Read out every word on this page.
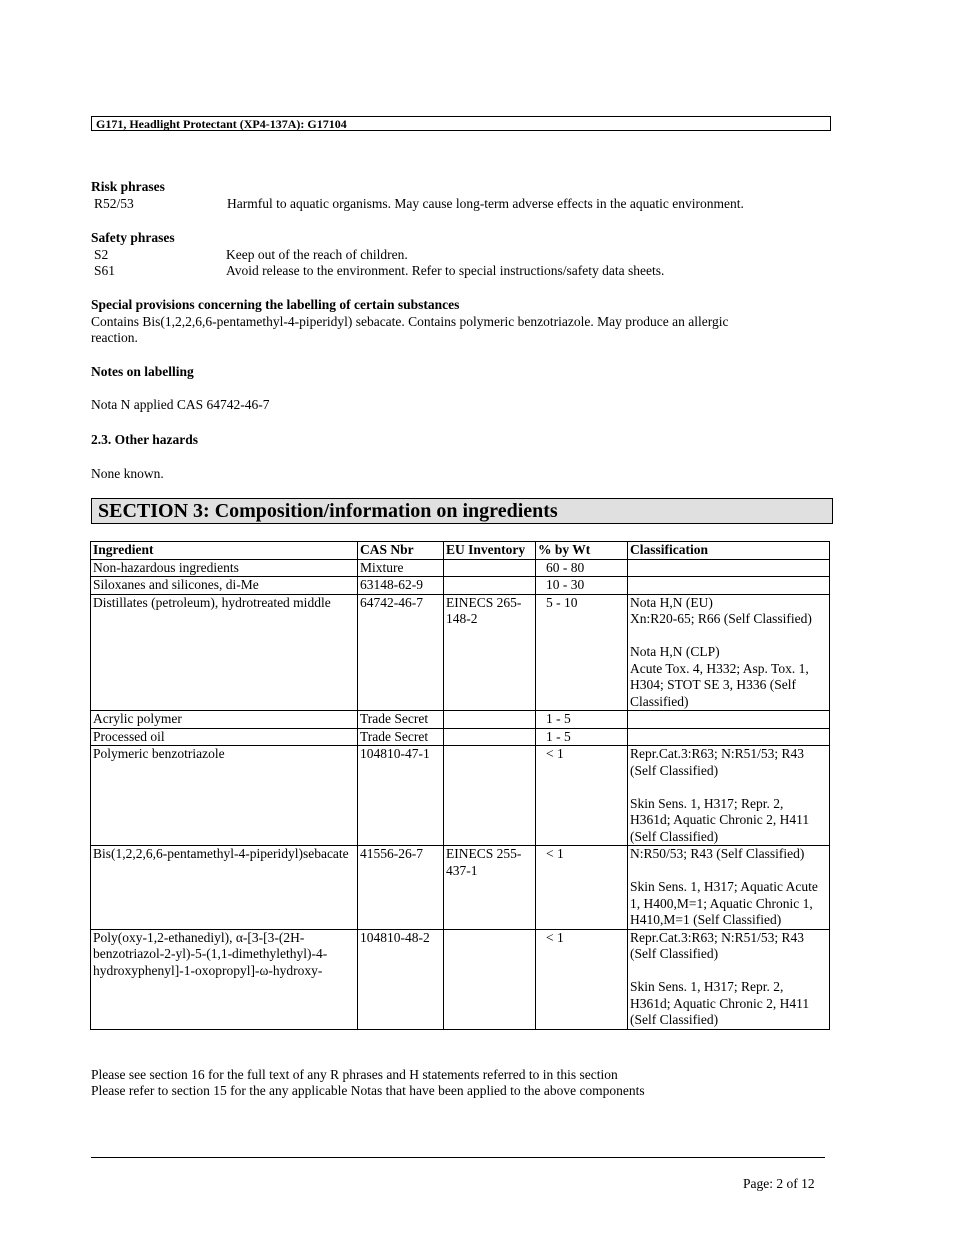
G171, Headlight Protectant (XP4-137A): G17104
Risk phrases
R52/53	Harmful to aquatic organisms. May cause long-term adverse effects in the aquatic environment.
Safety phrases
S2	Keep out of the reach of children.
S61	Avoid release to the environment. Refer to special instructions/safety data sheets.
Special provisions concerning the labelling of certain substances
Contains Bis(1,2,2,6,6-pentamethyl-4-piperidyl) sebacate. Contains polymeric benzotriazole. May produce an allergic
reaction.
Notes on labelling
Nota N applied CAS 64742-46-7
2.3. Other hazards
None known.
SECTION 3: Composition/information on ingredients
Ingredient	CAS Nbr	EU Inventory	% by Wt	Classification
Non-hazardous ingredients	Mixture		60 - 80	
Siloxanes and silicones, di-Me	63148-62-9		10 - 30	
Distillates (petroleum), hydrotreated middle	64742-46-7	EINECS 265-148-2	5 - 10	Nota H,N (EU)
Xn:R20-65; R66 (Self Classified)
Nota H,N (CLP)
Acute Tox. 4, H332; Asp. Tox. 1, H304; STOT SE 3, H336 (Self Classified)

Acrylic polymer	Trade Secret		1 - 5	
Processed oil	Trade Secret		1 - 5	
Polymeric benzotriazole	104810-47-1		< 1	Repr.Cat.3:R63; N:R51/53; R43 (Self Classified)
Skin Sens. 1, H317; Repr. 2, H361d; Aquatic Chronic 2, H411 (Self Classified)

Bis(1,2,2,6,6-pentamethyl-4-piperidyl)sebacate	41556-26-7	EINECS 255-437-1	< 1	N:R50/53; R43 (Self Classified)
Skin Sens. 1, H317; Aquatic Acute 1, H400,M=1; Aquatic Chronic 1, H410,M=1 (Self Classified)

Poly(oxy-1,2-ethanediyl), α-[3-[3-(2H-benzotriazol-2-yl)-5-(1,1-dimethylethyl)-4-hydroxyphenyl]-1-oxopropyl]-ω-hydroxy-	104810-48-2		< 1	Repr.Cat.3:R63; N:R51/53; R43 (Self Classified)
Skin Sens. 1, H317; Repr. 2, H361d; Aquatic Chronic 2, H411 (Self Classified)
Please see section 16 for the full text of any R phrases and H statements referred to in this section
Please refer to section 15 for the any applicable Notas that have been applied to the above components
Page: 2 of 12
